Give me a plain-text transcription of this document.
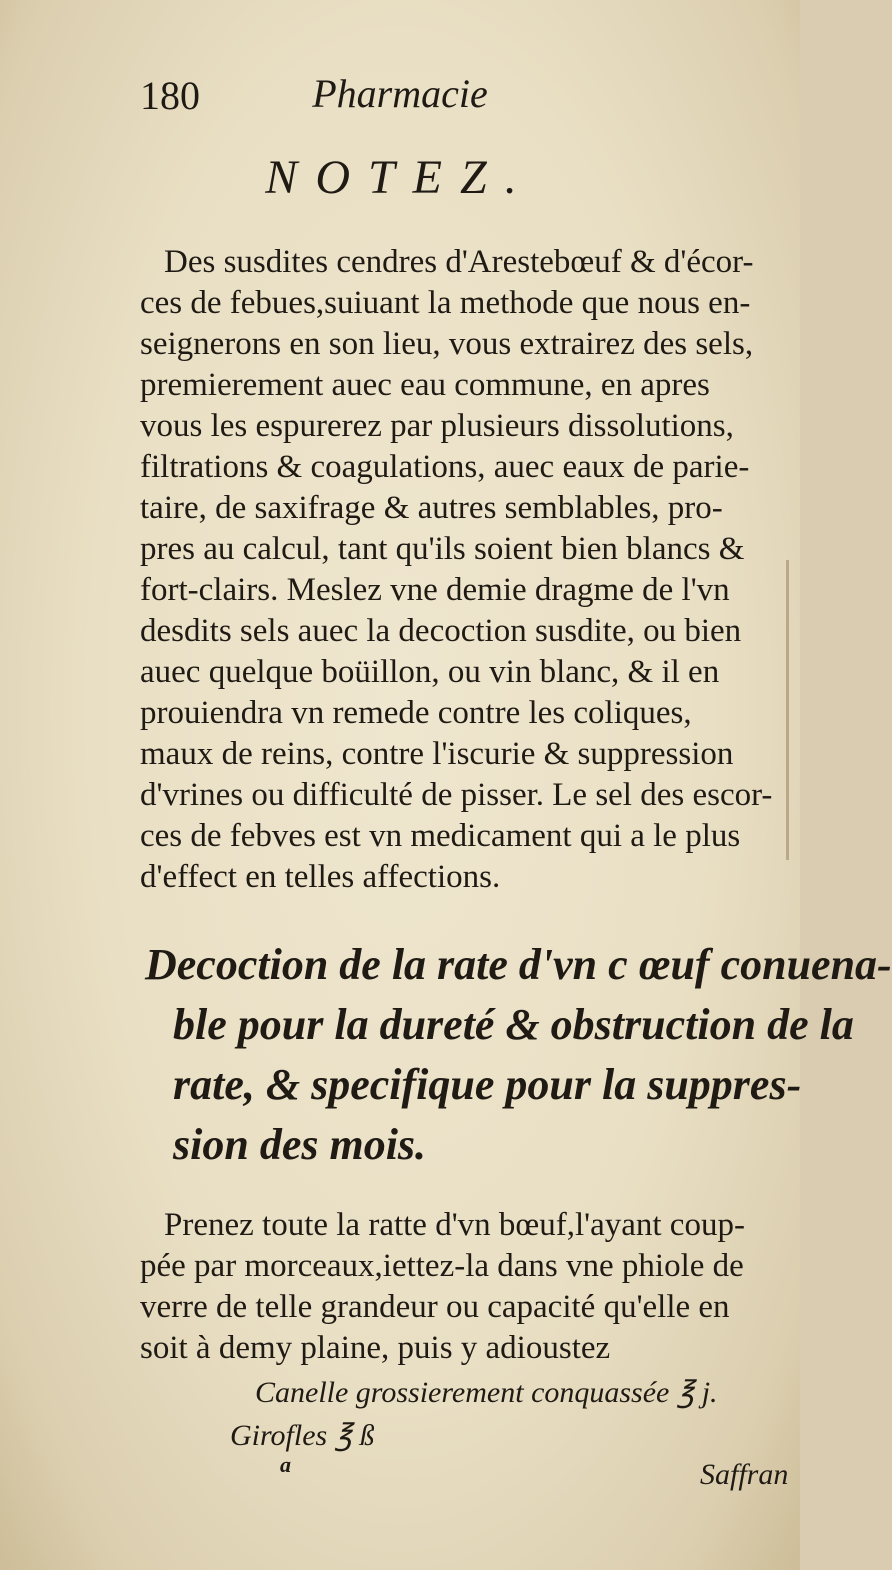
180	Pharmacie
NOTEZ.
Des susdites cendres d'Arestebœuf & d'écor-
ces de febues,suiuant la methode que nous en-
seignerons en son lieu, vous extrairez des sels,
premierement auec eau commune, en apres
vous les espurerez par plusieurs dissolutions,
filtrations & coagulations, auec eaux de parie-
taire, de saxifrage & autres semblables, pro-
pres au calcul, tant qu'ils soient bien blancs &
fort-clairs. Meslez vne demie dragme de l'vn
desdits sels auec la decoction susdite, ou bien
auec quelque boüillon, ou vin blanc, & il en
prouiendra vn remede contre les coliques,
maux de reins, contre l'iscurie & suppression
d'vrines ou difficulté de pisser. Le sel des escor-
ces de febves est vn medicament qui a le plus
d'effect en telles affections.
Decoction de la rate d'vn c œuf conuena-
ble pour la dureté & obstruction de la
rate, & specifique pour la suppres-
sion des mois.
Prenez toute la ratte d'vn bœuf,l'ayant coup-
pée par morceaux,iettez-la dans vne phiole de
verre de telle grandeur ou capacité qu'elle en
soit à demy plaine, puis y adioustez
Canelle grossierement conquassée ℥ j.
Girofles ℥ ß
a	Saffran
